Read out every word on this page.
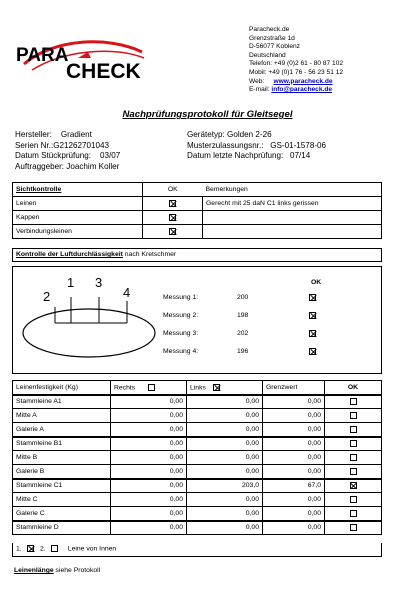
PARA
CHECK
Paracheck.de
Grenzstraße 1d
D-56077 Koblenz
Deutschland
Telefon: +49 (0)2 61 - 80 87 102
Mobil: +49 (0)1 76 - 56 23 51 12
Web: www.paracheck.de
E-mail: info@paracheck.de
Nachprüfungsprotokoll für Gleitsegel
Hersteller:    Gradient
Serien Nr.:G21262701043
Datum Stückprüfung:    03/07
Auftraggeber: Joachim Koller
Gerätetyp: Golden 2-26
Musterzulassungsnr.:   GS-01-1578-06
Datum letzte Nachprüfung:   07/14
Sichtkontrolle	OK	Bemerkungen
Leinen		Gerecht mit 25 daN C1 links gerissen
Kappen		
Verbindungsleinen		
Kontrolle der Luftdurchlässigkeit nach Kretschmer
1
2
3
4
OK
Messung 1:	200
Messung 2:	198
Messung 3:	202
Messung 4:	196
Leinenfestigkeit (Kg)	Rechts	Links	Grenzwert	OK
Stammleine A1	0,00	0,00	0,00	
Mitte A	0,00	0,00	0,00	
Galerie A	0,00	0,00	0,00	
Stammleine B1	0,00	0,00	0,00	
Mitte B	0,00	0,00	0,00	
Galerie B	0,00	0,00	0,00	
Stammleine C1	0,00	203,0	67,0	
Mitte C	0,00	0,00	0,00	
Galerie C	0,00	0,00	0,00	
Stammleine D	0,00	0,00	0,00	
1.	2.	Leine von Innen
Leinenlänge siehe Protokoll
